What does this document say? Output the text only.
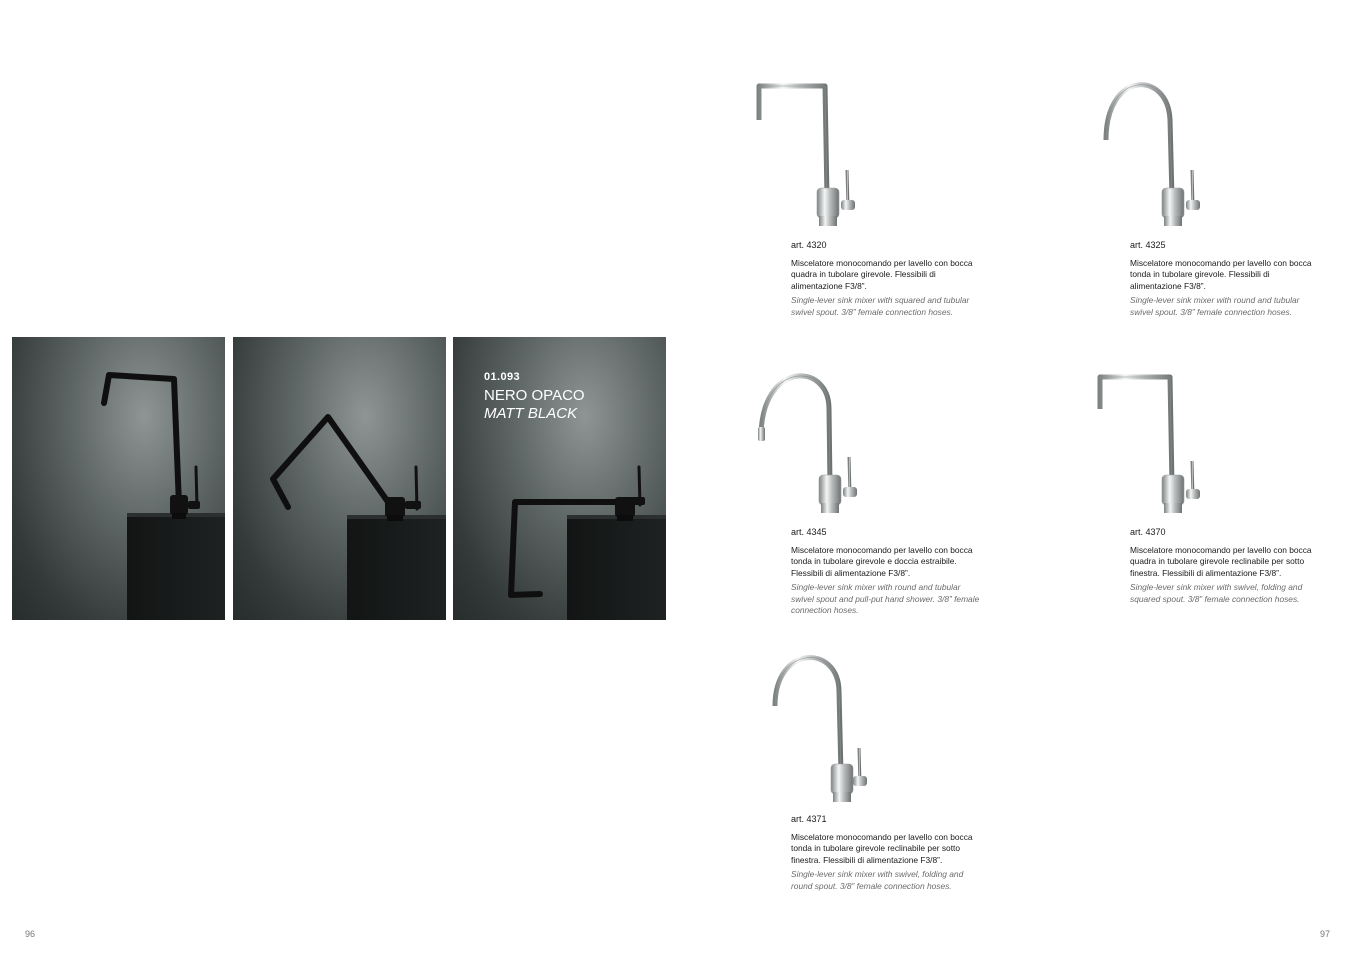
01.093
NERO OPACO
MATT BLACK
96
art. 4320
Miscelatore monocomando per lavello con bocca quadra in tubolare girevole. Flessibili di alimentazione F3/8”.
Single-lever sink mixer with squared and tubular swivel spout. 3/8” female connection hoses.
art. 4325
Miscelatore monocomando per lavello con bocca tonda in tubolare girevole. Flessibili di alimentazione F3/8”.
Single-lever sink mixer with round and tubular swivel spout. 3/8” female connection hoses.
art. 4345
Miscelatore monocomando per lavello con bocca tonda in tubolare girevole e doccia estraibile. Flessibili di alimentazione F3/8”.
Single-lever sink mixer with round and tubular swivel spout and pull-put hand shower. 3/8” female connection hoses.
art. 4370
Miscelatore monocomando per lavello con bocca quadra in tubolare girevole reclinabile per sotto finestra. Flessibili di alimentazione F3/8”.
Single-lever sink mixer with swivel, folding and squared spout. 3/8” female connection hoses.
art. 4371
Miscelatore monocomando per lavello con bocca tonda in tubolare girevole reclinabile per sotto finestra. Flessibili di alimentazione F3/8”.
Single-lever sink mixer with swivel, folding and round spout. 3/8” female connection hoses.
97
